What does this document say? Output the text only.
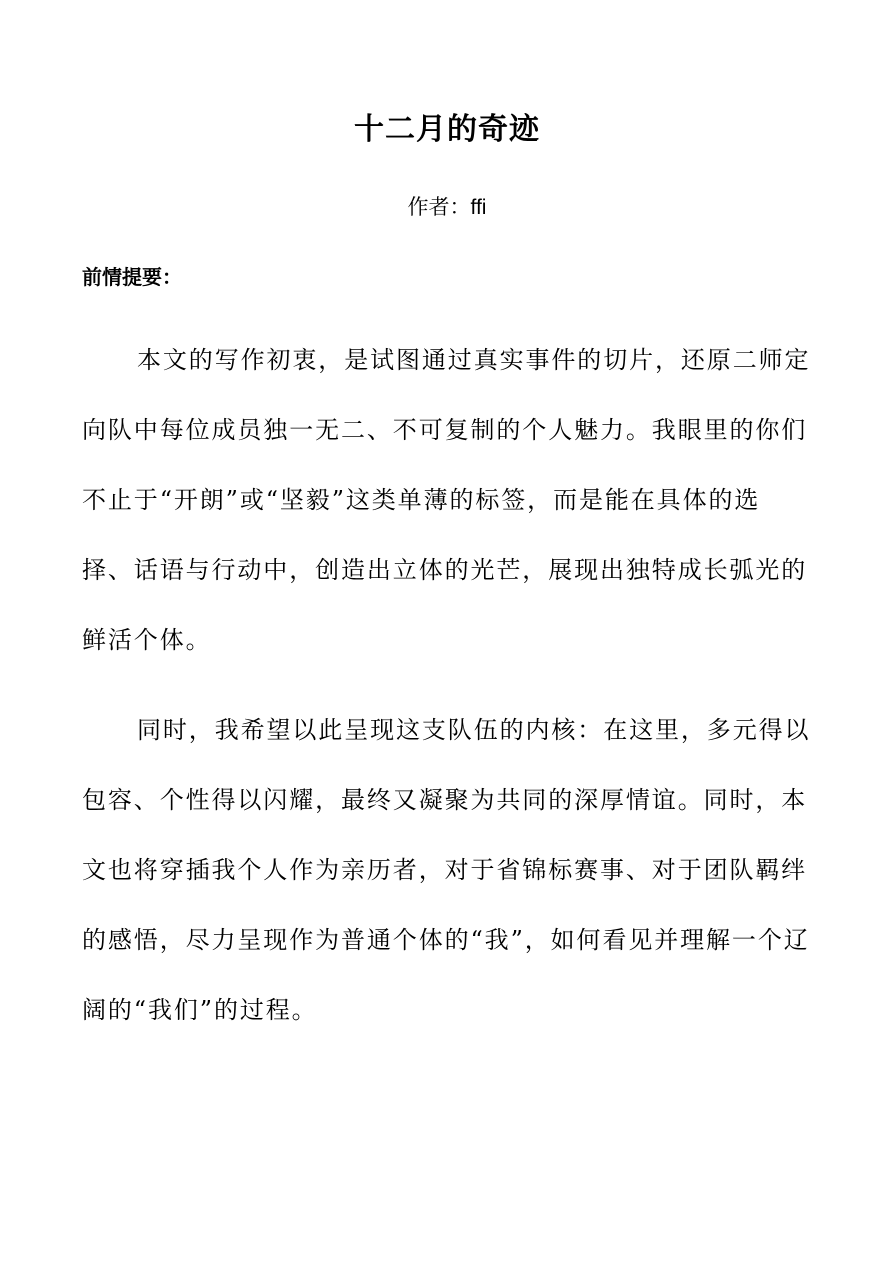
十二月的奇迹

作者：ffi

前情提要：

本文的写作初衷，是试图通过真实事件的切片，还原二师定向队中每位成员独一无二、不可复制的个人魅力。我眼里的你们不止于“开朗”或“坚毅”这类单薄的标签，而是能在具体的选择、话语与行动中，创造出立体的光芒，展现出独特成长弧光的鲜活个体。

同时，我希望以此呈现这支队伍的内核：在这里，多元得以包容、个性得以闪耀，最终又凝聚为共同的深厚情谊。同时，本文也将穿插我个人作为亲历者，对于省锦标赛事、对于团队羁绊的感悟，尽力呈现作为普通个体的“我”，如何看见并理解一个辽阔的“我们”的过程。
